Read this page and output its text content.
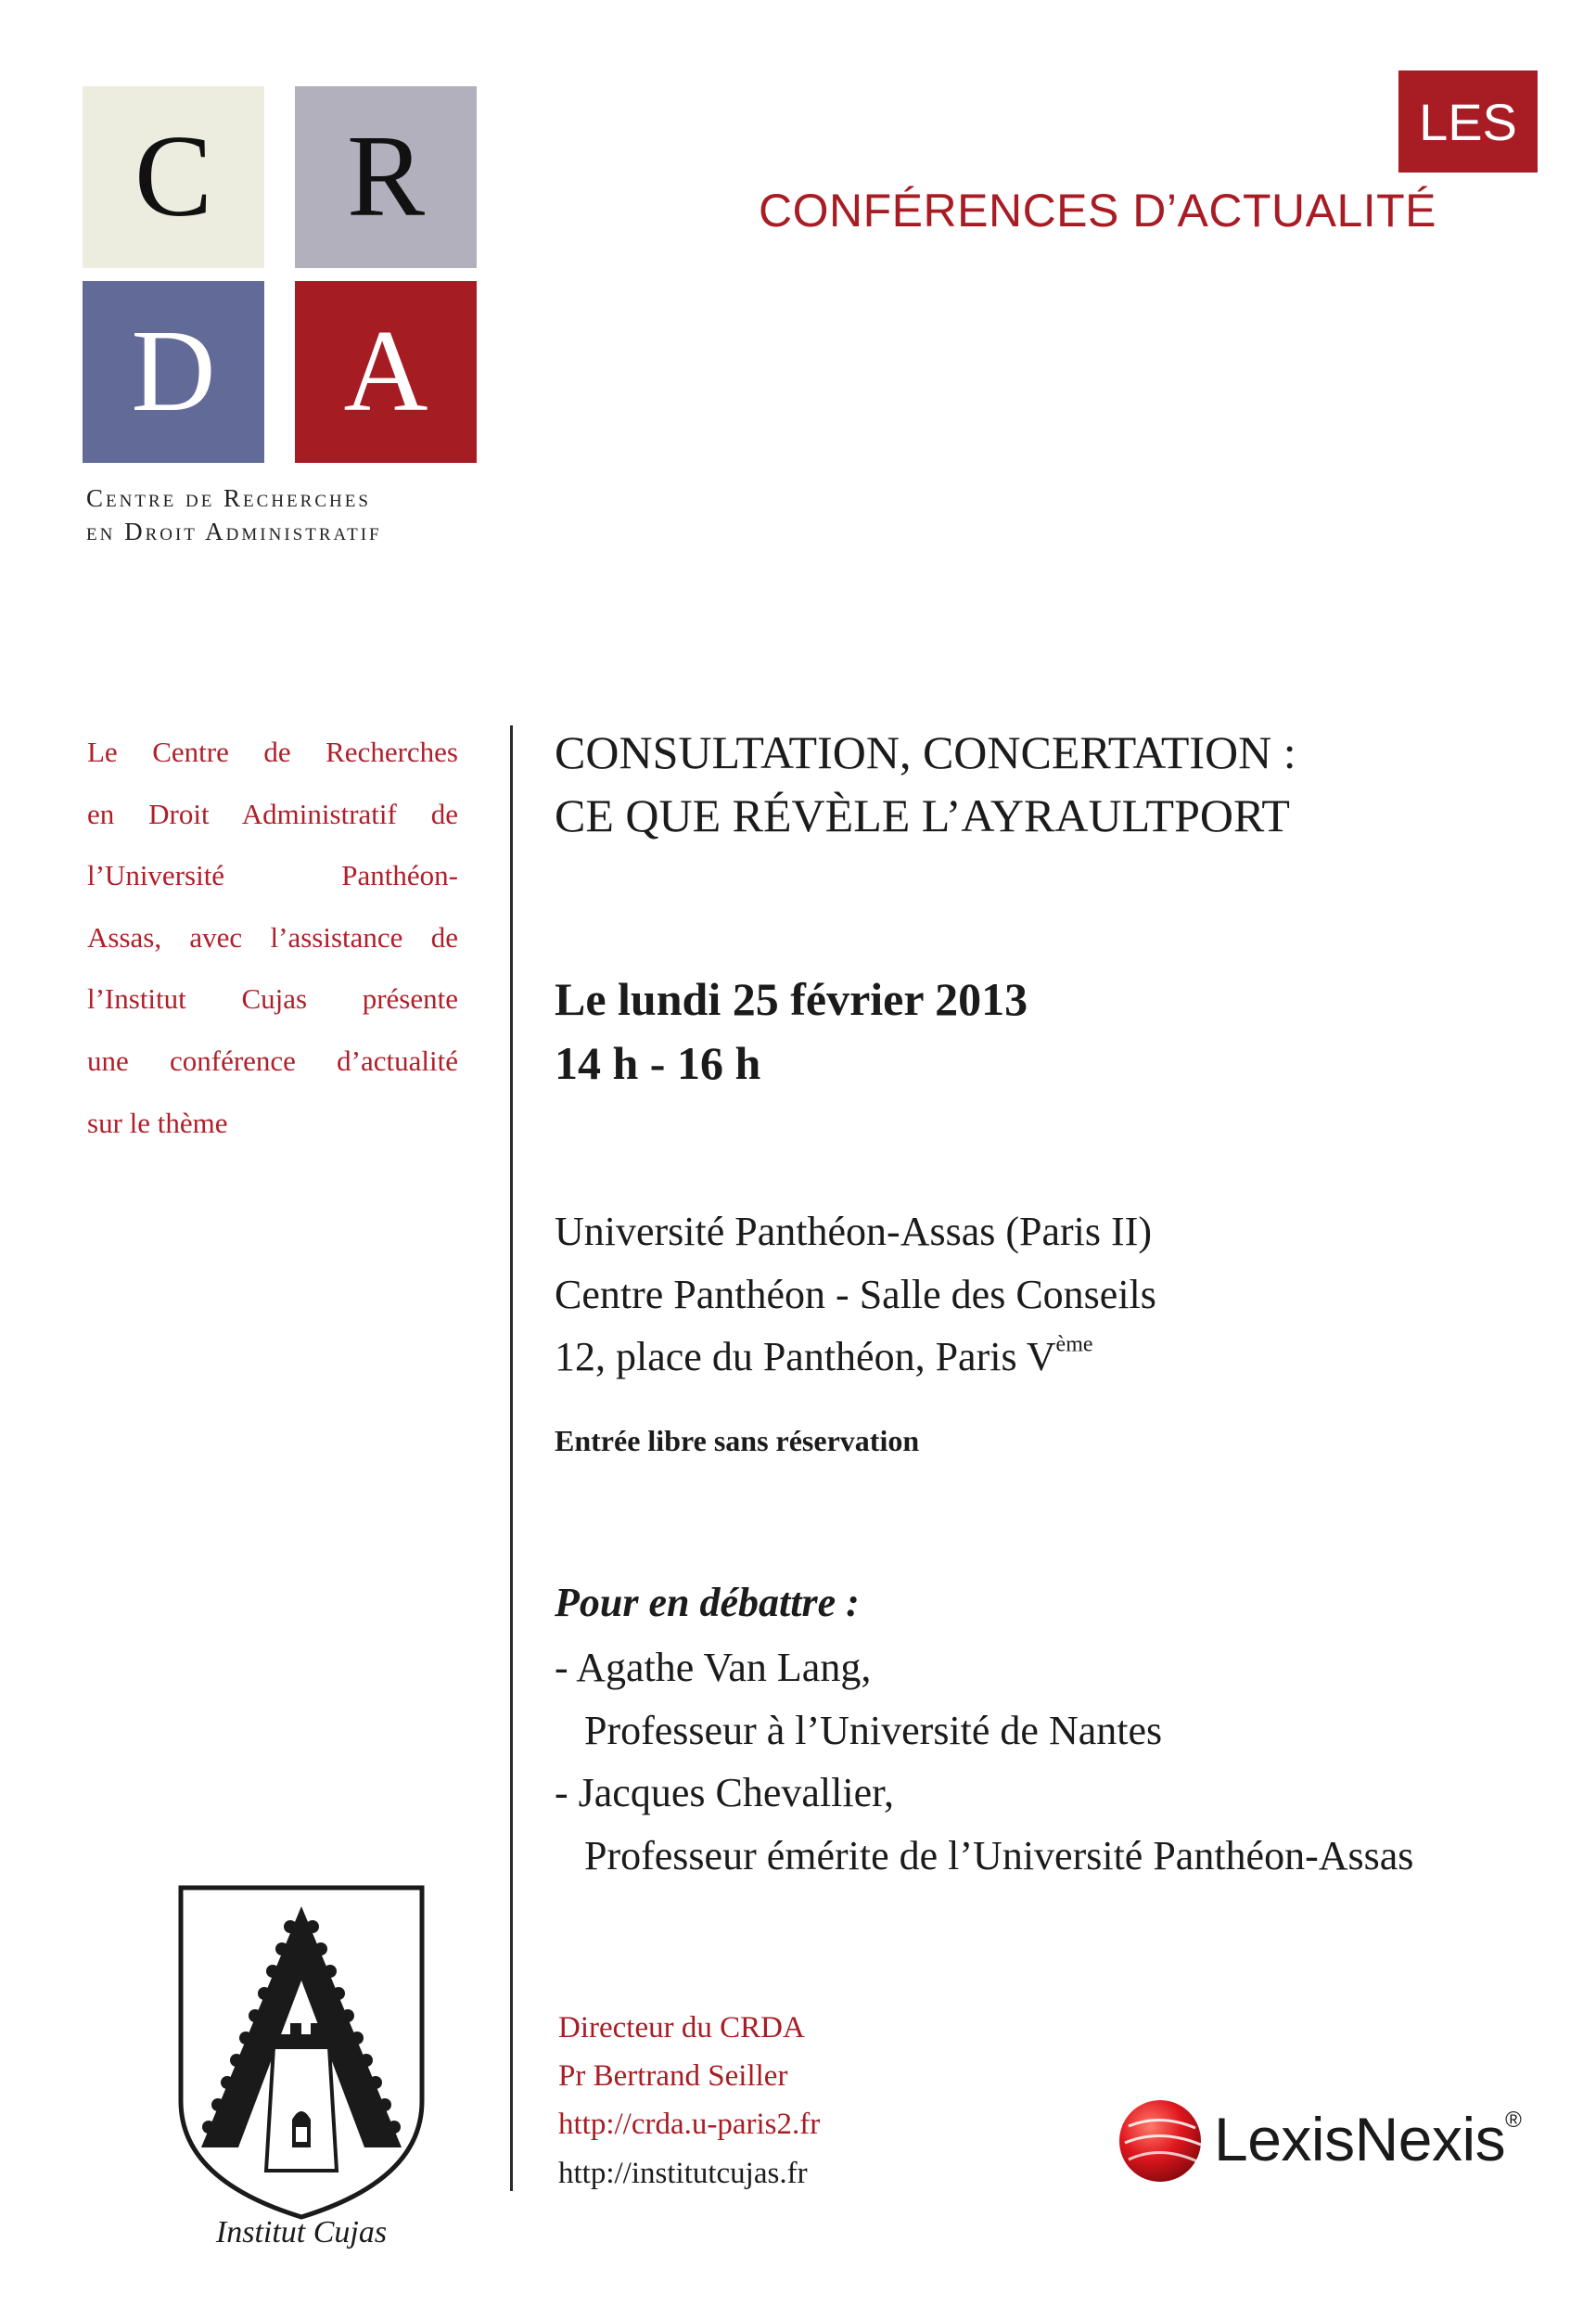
C R
D A
Centre de Recherches
en Droit Administratif
LES
CONFÉRENCES D’ACTUALITÉ
Le Centre de Recherches
en Droit Administratif de
l’Université Panthéon-
Assas, avec l’assistance de
l’Institut Cujas présente
une conférence d’actualité
sur le thème
CONSULTATION, CONCERTATION :
CE QUE RÉVÈLE L’AYRAULTPORT
Le lundi 25 février 2013
14 h - 16 h
Université Panthéon-Assas (Paris II)
Centre Panthéon - Salle des Conseils
12, place du Panthéon, Paris Vème
Entrée libre sans réservation
Pour en débattre :
- Agathe Van Lang,
Professeur à l’Université de Nantes
- Jacques Chevallier,
Professeur émérite de l’Université Panthéon-Assas
Directeur du CRDA
Pr Bertrand Seiller
http://crda.u-paris2.fr
http://institutcujas.fr
Institut Cujas
LexisNexis®
